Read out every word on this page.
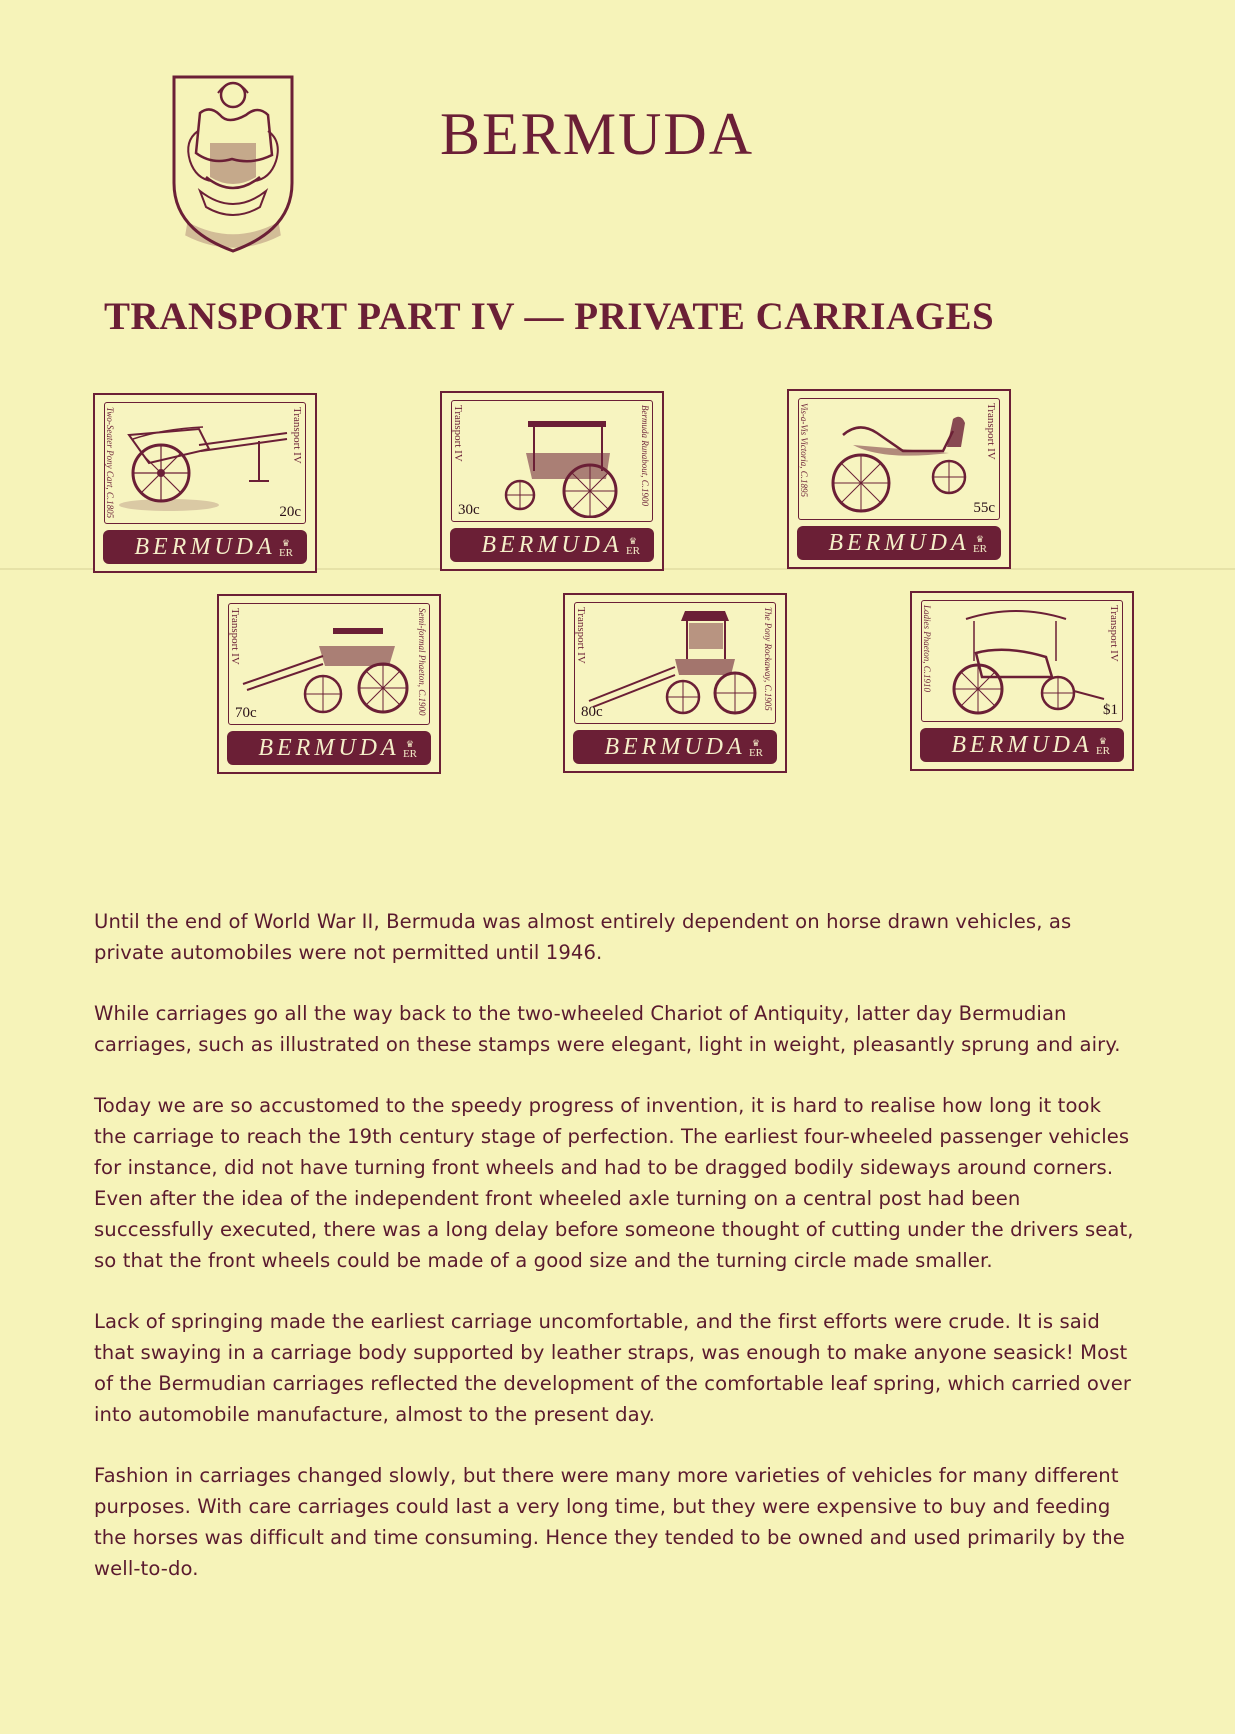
BERMUDA
TRANSPORT PART IV — PRIVATE CARRIAGES
Two-Seater Pony Cart, C.1805	Transport IV
20c
BERMUDA ♛
ER
Transport IV	Bermuda Runabout, C.1900
30c
BERMUDA ♛
ER
Vis-a-Vis Victoria, C.1895	Transport IV
55c
BERMUDA ♛
ER
Transport IV	Semi-formal Phaeton, C.1900
70c
BERMUDA ♛
ER
Transport IV	The Pony Rockaway, C.1905
80c
BERMUDA ♛
ER
Ladies Phaeton, C.1910	Transport IV
$1
BERMUDA ♛
ER

Until the end of World War II, Bermuda was almost entirely dependent on horse drawn vehicles, as private automobiles were not permitted until 1946.

While carriages go all the way back to the two-wheeled Chariot of Antiquity, latter day Bermudian carriages, such as illustrated on these stamps were elegant, light in weight, pleasantly sprung and airy.

Today we are so accustomed to the speedy progress of invention, it is hard to realise how long it took the carriage to reach the 19th century stage of perfection. The earliest four-wheeled passenger vehicles for instance, did not have turning front wheels and had to be dragged bodily sideways around corners. Even after the idea of the independent front wheeled axle turning on a central post had been successfully executed, there was a long delay before someone thought of cutting under the drivers seat, so that the front wheels could be made of a good size and the turning circle made smaller.

Lack of springing made the earliest carriage uncomfortable, and the first efforts were crude. It is said that swaying in a carriage body supported by leather straps, was enough to make anyone seasick! Most of the Bermudian carriages reflected the development of the comfortable leaf spring, which carried over into automobile manufacture, almost to the present day.

Fashion in carriages changed slowly, but there were many more varieties of vehicles for many different purposes. With care carriages could last a very long time, but they were expensive to buy and feeding the horses was difficult and time consuming. Hence they tended to be owned and used primarily by the well-to-do.
